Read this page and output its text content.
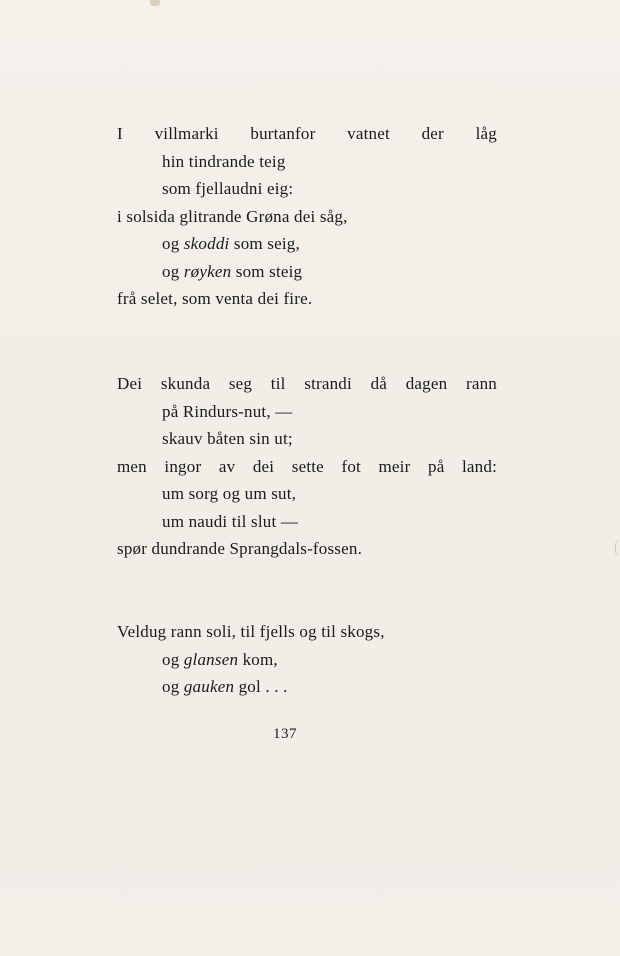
I villmarki burtanfor vatnet der låg
hin tindrande teig
som fjellaudni eig:
i solsida glitrande Grøna dei såg,
og skoddi som seig,
og røyken som steig
frå selet, som venta dei fire.
Dei skunda seg til strandi då dagen rann
på Rindurs-nut, —
skauv båten sin ut;
men ingor av dei sette fot meir på land:
um sorg og um sut,
um naudi til slut —
spør dundrande Sprangdals-fossen.
Veldug rann soli, til fjells og til skogs,
og glansen kom,
og gauken gol . . .
137
